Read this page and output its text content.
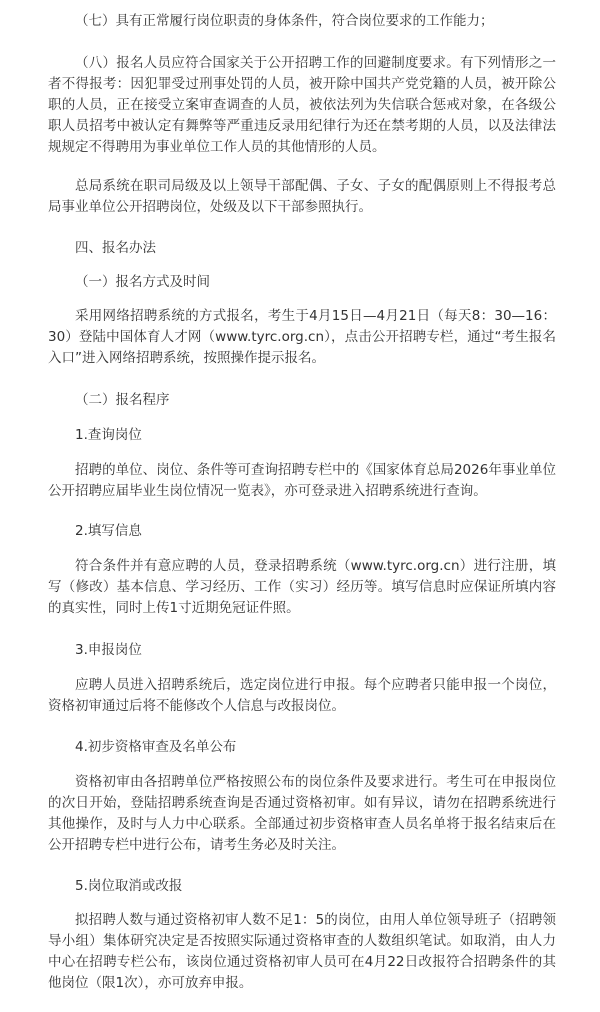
（七）具有正常履行岗位职责的身体条件，符合岗位要求的工作能力；

（八）报名人员应符合国家关于公开招聘工作的回避制度要求。有下列情形之一者不得报考：因犯罪受过刑事处罚的人员，被开除中国共产党党籍的人员，被开除公职的人员，正在接受立案审查调查的人员，被依法列为失信联合惩戒对象，在各级公职人员招考中被认定有舞弊等严重违反录用纪律行为还在禁考期的人员，以及法律法规规定不得聘用为事业单位工作人员的其他情形的人员。

总局系统在职司局级及以上领导干部配偶、子女、子女的配偶原则上不得报考总局事业单位公开招聘岗位，处级及以下干部参照执行。

四、报名办法

（一）报名方式及时间

采用网络招聘系统的方式报名，考生于4月15日—4月21日（每天8：30—16：30）登陆中国体育人才网（www.tyrc.org.cn），点击公开招聘专栏，通过“考生报名入口”进入网络招聘系统，按照操作提示报名。

（二）报名程序

1.查询岗位

招聘的单位、岗位、条件等可查询招聘专栏中的《国家体育总局2026年事业单位公开招聘应届毕业生岗位情况一览表》，亦可登录进入招聘系统进行查询。

2.填写信息

符合条件并有意应聘的人员，登录招聘系统（www.tyrc.org.cn）进行注册，填写（修改）基本信息、学习经历、工作（实习）经历等。填写信息时应保证所填内容的真实性，同时上传1寸近期免冠证件照。

3.申报岗位

应聘人员进入招聘系统后，选定岗位进行申报。每个应聘者只能申报一个岗位，资格初审通过后将不能修改个人信息与改报岗位。

4.初步资格审查及名单公布

资格初审由各招聘单位严格按照公布的岗位条件及要求进行。考生可在申报岗位的次日开始，登陆招聘系统查询是否通过资格初审。如有异议，请勿在招聘系统进行其他操作，及时与人力中心联系。全部通过初步资格审查人员名单将于报名结束后在公开招聘专栏中进行公布，请考生务必及时关注。

5.岗位取消或改报

拟招聘人数与通过资格初审人数不足1：5的岗位，由用人单位领导班子（招聘领导小组）集体研究决定是否按照实际通过资格审查的人数组织笔试。如取消，由人力中心在招聘专栏公布，该岗位通过资格初审人员可在4月22日改报符合招聘条件的其他岗位（限1次），亦可放弃申报。
